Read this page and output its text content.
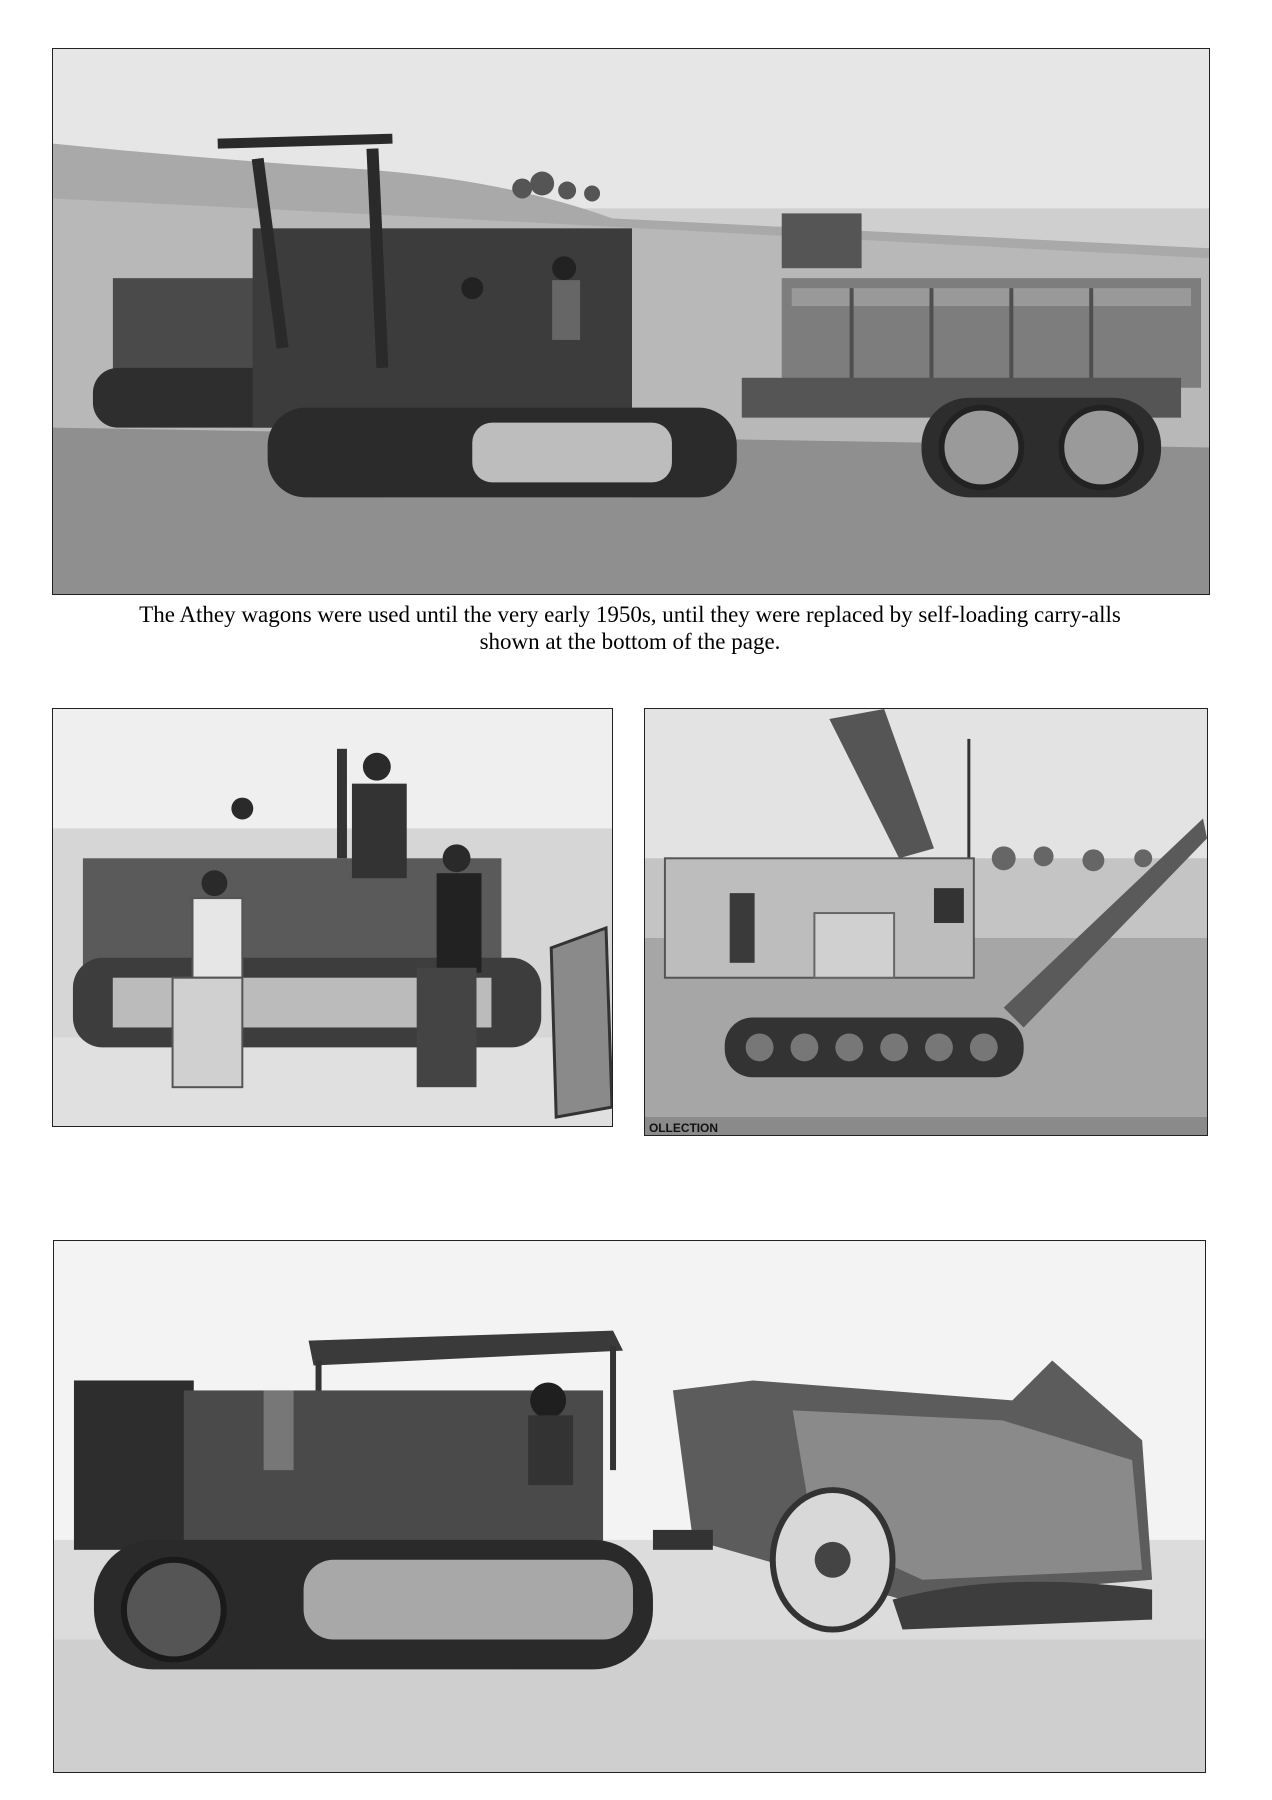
The Athey wagons were used until the very early 1950s, until they were replaced by self-loading carry-alls
shown at the bottom of the page.

OLLECTION
